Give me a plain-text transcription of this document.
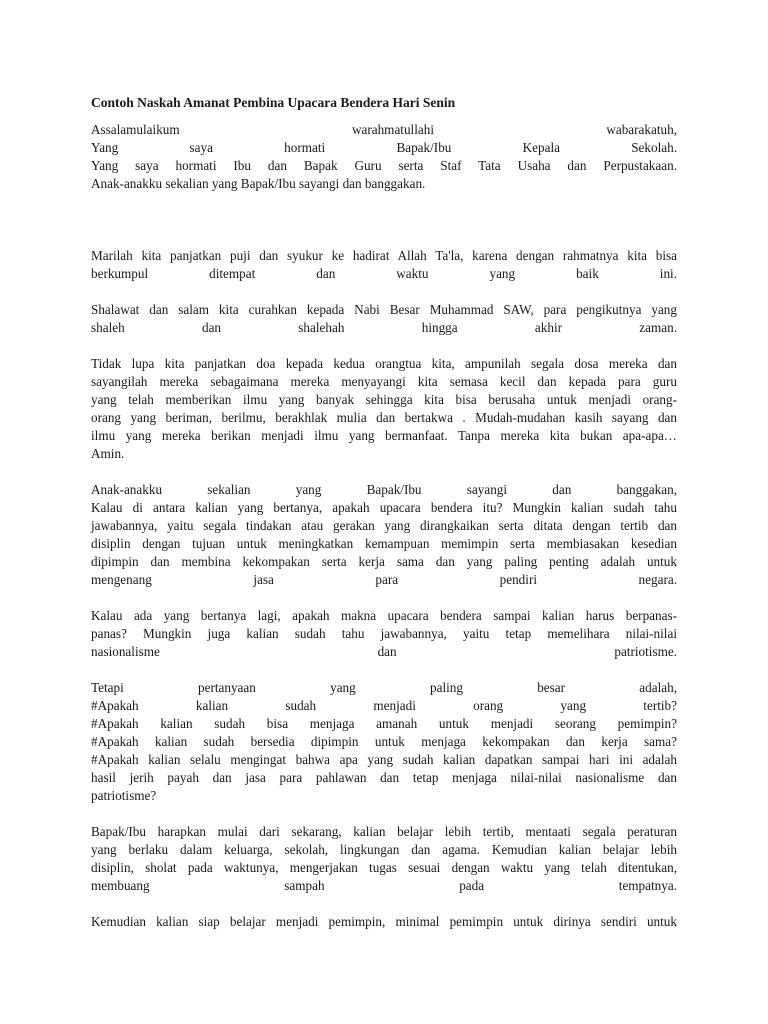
Contoh Naskah Amanat Pembina Upacara Bendera Hari Senin
Assalamulaikum warahmatullahi wabarakatuh,
Yang saya hormati Bapak/Ibu Kepala Sekolah.
Yang saya hormati Ibu dan Bapak Guru serta Staf Tata Usaha dan Perpustakaan.
Anak-anakku sekalian yang Bapak/Ibu sayangi dan banggakan.
Marilah kita panjatkan puji dan syukur ke hadirat Allah Ta'la, karena dengan rahmatnya kita bisa
berkumpul ditempat dan waktu yang baik ini.
Shalawat dan salam kita curahkan kepada Nabi Besar Muhammad SAW, para pengikutnya yang
shaleh dan shalehah hingga akhir zaman.
Tidak lupa kita panjatkan doa kepada kedua orangtua kita, ampunilah segala dosa mereka dan
sayangilah mereka sebagaimana mereka menyayangi kita semasa kecil dan kepada para guru
yang telah memberikan ilmu yang banyak sehingga kita bisa berusaha untuk menjadi orang-
orang yang beriman, berilmu, berakhlak mulia dan bertakwa . Mudah-mudahan kasih sayang dan
ilmu yang mereka berikan menjadi ilmu yang bermanfaat. Tanpa mereka kita bukan apa-apa…
Amin.
Anak-anakku sekalian yang Bapak/Ibu sayangi dan banggakan,
Kalau di antara kalian yang bertanya, apakah upacara bendera itu? Mungkin kalian sudah tahu
jawabannya, yaitu segala tindakan atau gerakan yang dirangkaikan serta ditata dengan tertib dan
disiplin dengan tujuan untuk meningkatkan kemampuan memimpin serta membiasakan kesedian
dipimpin dan membina kekompakan serta kerja sama dan yang paling penting adalah untuk
mengenang jasa para pendiri negara.
Kalau ada yang bertanya lagi, apakah makna upacara bendera sampai kalian harus berpanas-
panas? Mungkin juga kalian sudah tahu jawabannya, yaitu tetap memelihara nilai-nilai
nasionalisme dan patriotisme.
Tetapi pertanyaan yang paling besar adalah,
#Apakah kalian sudah menjadi orang yang tertib?
#Apakah kalian sudah bisa menjaga amanah untuk menjadi seorang pemimpin?
#Apakah kalian sudah bersedia dipimpin untuk menjaga kekompakan dan kerja sama?
#Apakah kalian selalu mengingat bahwa apa yang sudah kalian dapatkan sampai hari ini adalah
hasil jerih payah dan jasa para pahlawan dan tetap menjaga nilai-nilai nasionalisme dan
patriotisme?
Bapak/Ibu harapkan mulai dari sekarang, kalian belajar lebih tertib, mentaati segala peraturan
yang berlaku dalam keluarga, sekolah, lingkungan dan agama. Kemudian kalian belajar lebih
disiplin, sholat pada waktunya, mengerjakan tugas sesuai dengan waktu yang telah ditentukan,
membuang sampah pada tempatnya.
Kemudian kalian siap belajar menjadi pemimpin, minimal pemimpin untuk dirinya sendiri untuk
